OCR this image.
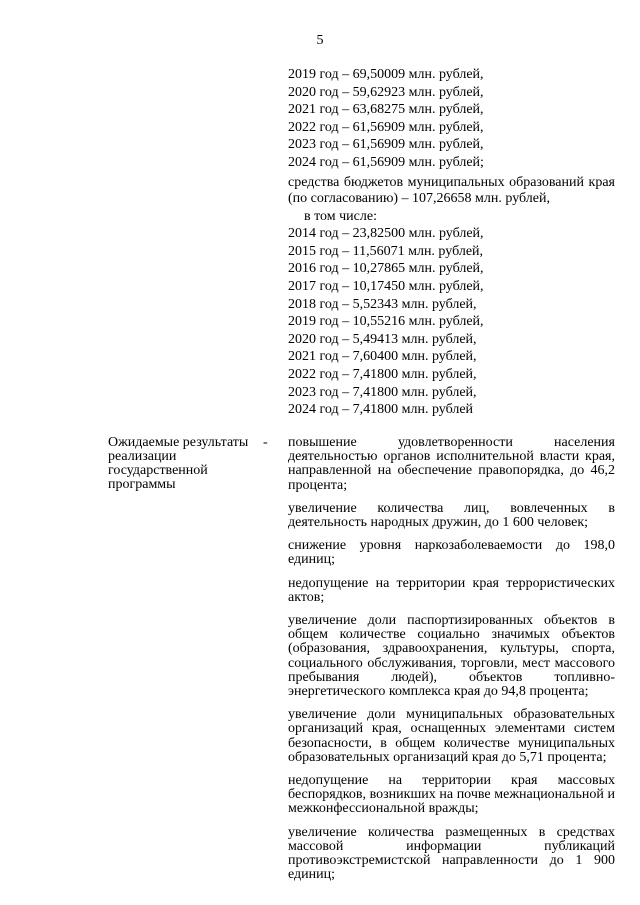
5
2019 год – 69,50009 млн. рублей,
2020 год – 59,62923 млн. рублей,
2021 год – 63,68275 млн. рублей,
2022 год – 61,56909 млн. рублей,
2023 год – 61,56909 млн. рублей,
2024 год – 61,56909 млн. рублей;
средства бюджетов муниципальных образований края (по согласованию) – 107,26658 млн. рублей,
в том числе:
2014 год – 23,82500 млн. рублей,
2015 год – 11,56071 млн. рублей,
2016 год – 10,27865 млн. рублей,
2017 год – 10,17450 млн. рублей,
2018 год – 5,52343 млн. рублей,
2019 год – 10,55216 млн. рублей,
2020 год – 5,49413 млн. рублей,
2021 год – 7,60400 млн. рублей,
2022 год – 7,41800 млн. рублей,
2023 год – 7,41800 млн. рублей,
2024 год – 7,41800 млн. рублей
Ожидаемые результаты реализации государственной программы
- повышение удовлетворенности населения деятельностью органов исполнительной власти края, направленной на обеспечение правопорядка, до 46,2 процента;
увеличение количества лиц, вовлеченных в деятельность народных дружин, до 1 600 человек;
снижение уровня наркозаболеваемости до 198,0 единиц;
недопущение на территории края террористических актов;
увеличение доли паспортизированных объектов в общем количестве социально значимых объектов (образования, здравоохранения, культуры, спорта, социального обслуживания, торговли, мест массового пребывания людей), объектов топливно-энергетического комплекса края до 94,8 процента;
увеличение доли муниципальных образовательных организаций края, оснащенных элементами систем безопасности, в общем количестве муниципальных образовательных организаций края до 5,71 процента;
недопущение на территории края массовых беспорядков, возникших на почве межнациональной и межконфессиональной вражды;
увеличение количества размещенных в средствах массовой информации публикаций противоэкстремистской направленности до 1 900 единиц;
